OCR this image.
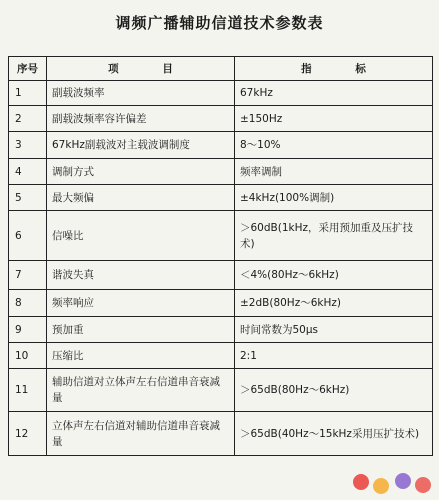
调频广播辅助信道技术参数表
序号	项 目	指 标
1	副载波频率	67kHz
2	副载波频率容许偏差	±150Hz
3	67kHz副载波对主载波调制度	8～10%
4	调制方式	频率调制
5	最大频偏	±4kHz(100%调制)
6	信噪比	＞60dB(1kHz，采用预加重及压扩技术)
7	谐波失真	＜4%(80Hz～6kHz)
8	频率响应	±2dB(80Hz～6kHz)
9	预加重	时间常数为50μs
10	压缩比	2:1
11	辅助信道对立体声左右信道串音衰减量	＞65dB(80Hz～6kHz)
12	立体声左右信道对辅助信道串音衰减量	＞65dB(40Hz～15kHz采用压扩技术)
